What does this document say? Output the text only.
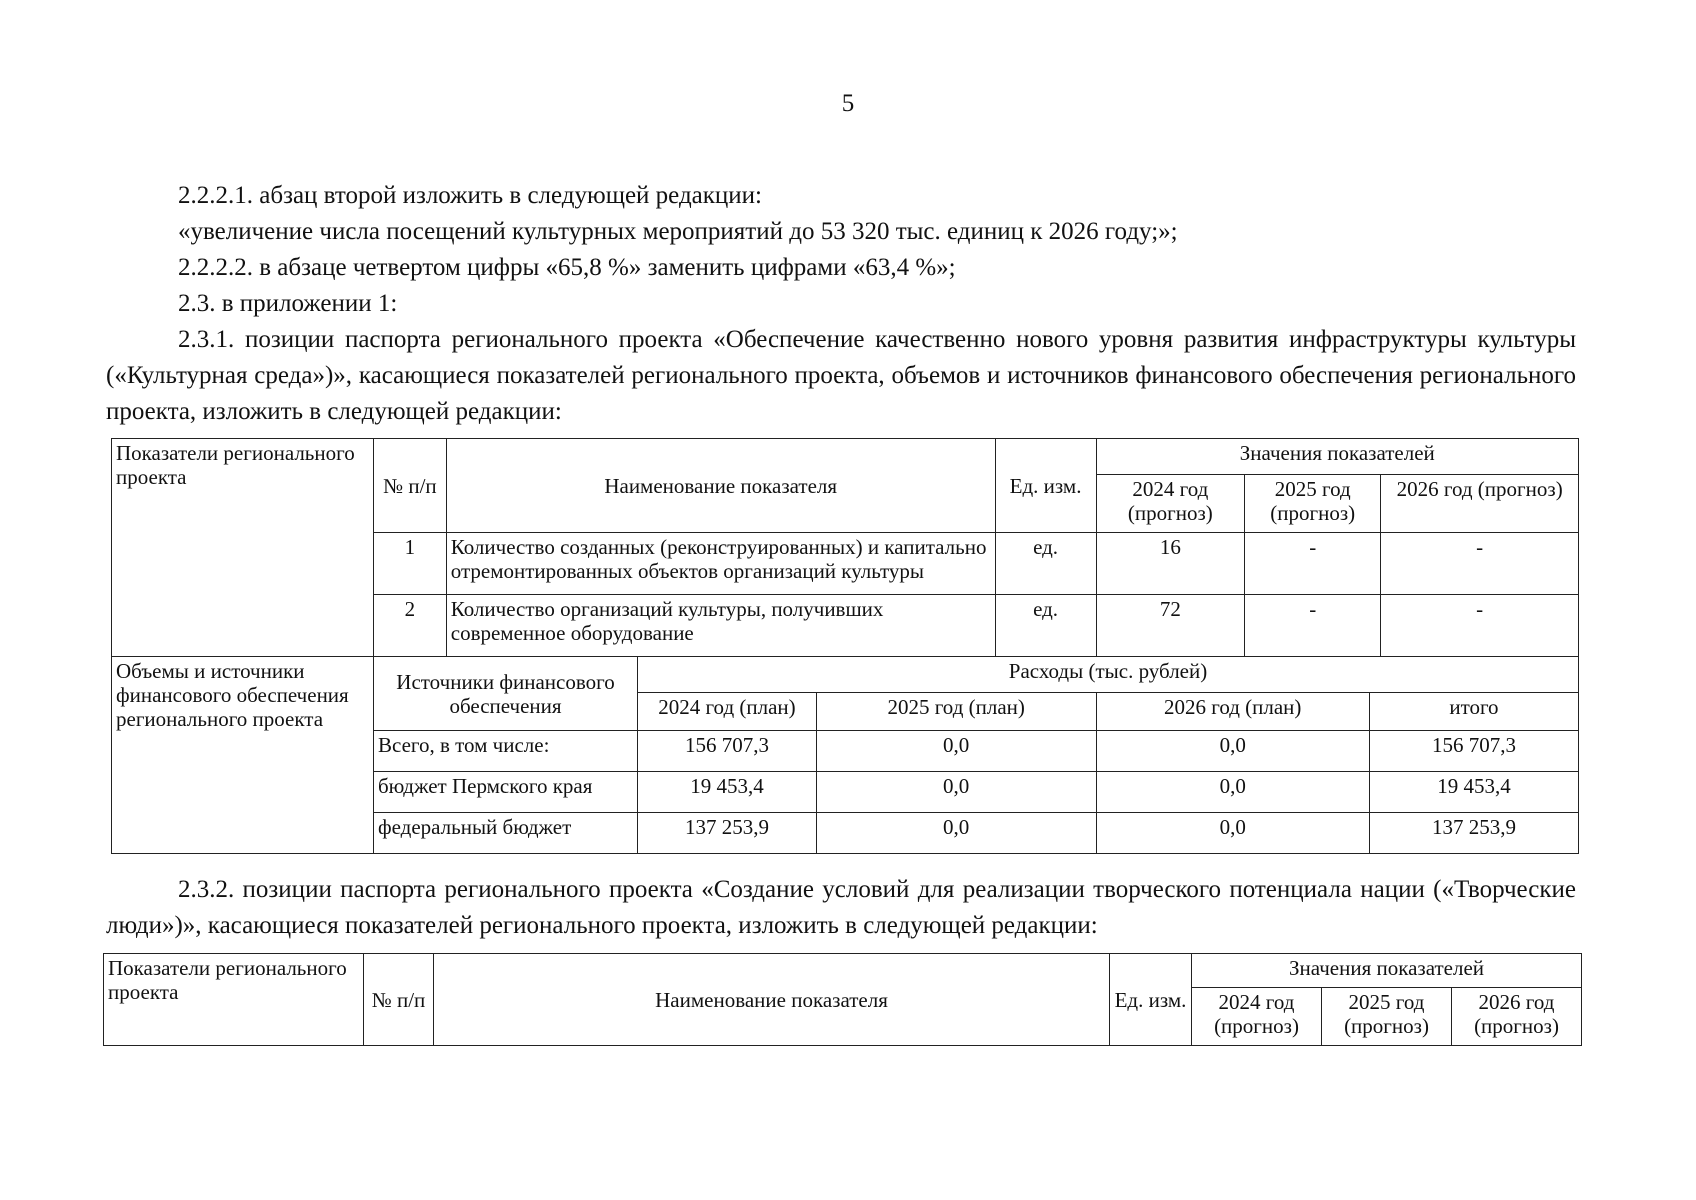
5
2.2.2.1. абзац второй изложить в следующей редакции:
«увеличение числа посещений культурных мероприятий до 53 320 тыс. единиц к 2026 году;»;
2.2.2.2. в абзаце четвертом цифры «65,8 %» заменить цифрами «63,4 %»;
2.3. в приложении 1:
2.3.1. позиции паспорта регионального проекта «Обеспечение качественно нового уровня развития инфраструктуры культуры («Культурная среда»)», касающиеся показателей регионального проекта, объемов и источников финансового обеспечения регионального проекта, изложить в следующей редакции:
Показатели регионального проекта	№ п/п	Наименование показателя			Ед. изм.	Значения показателей			
						2024 год (прогноз)	2025 год (прогноз)		2026 год (прогноз)
	1	Количество созданных (реконструированных) и капитально отремонтированных объектов организаций культуры			ед.	16	-		-
	2	Количество организаций культуры, получивших современное оборудование			ед.	72	-		-
Объемы и источники финансового обеспечения регионального проекта	Источники финансового обеспечения		Расходы (тыс. рублей)						
			2024 год (план)	2025 год (план)		2026 год (план)		итого	
	Всего, в том числе:		156 707,3	0,0		0,0		156 707,3	
	бюджет Пермского края		19 453,4	0,0		0,0		19 453,4	
	федеральный бюджет		137 253,9	0,0		0,0		137 253,9	
2.3.2. позиции паспорта регионального проекта «Создание условий для реализации творческого потенциала нации («Творческие люди»)», касающиеся показателей регионального проекта, изложить в следующей редакции:
Показатели регионального проекта	№ п/п	Наименование показателя	Ед. изм.	Значения показателей		
				2024 год (прогноз)	2025 год (прогноз)	2026 год (прогноз)
